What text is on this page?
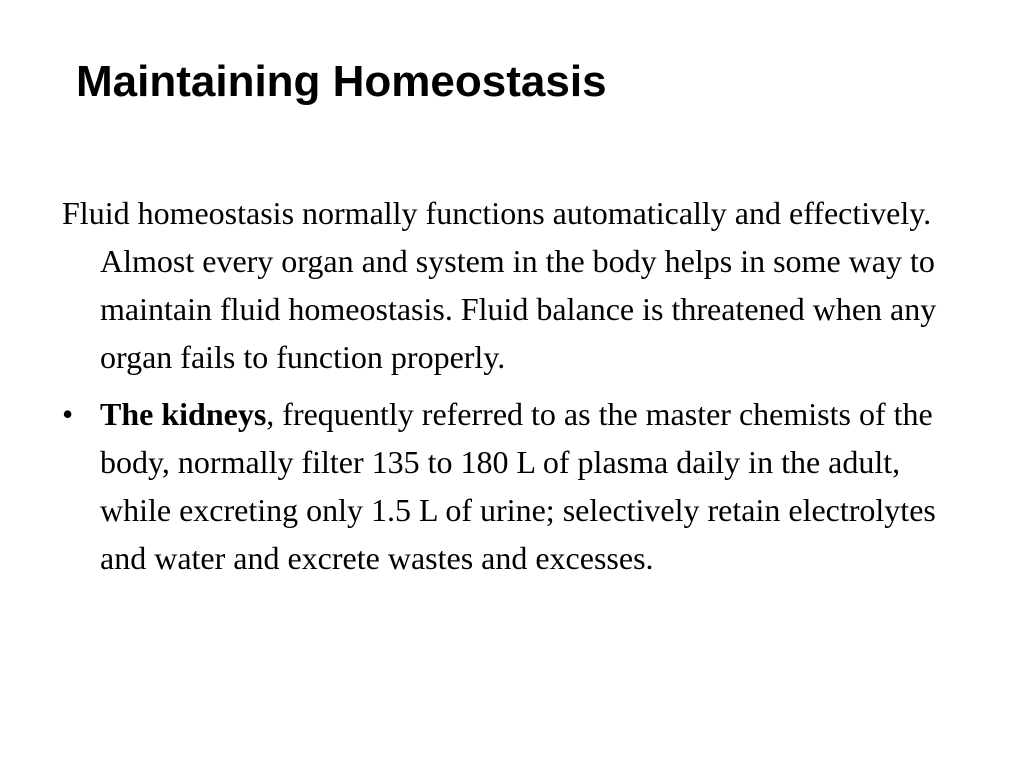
Maintaining Homeostasis

Fluid homeostasis normally functions automatically and effectively. Almost every organ and system in the body helps in some way to maintain fluid homeostasis. Fluid balance is threatened when any organ fails to function properly.

• The kidneys, frequently referred to as the master chemists of the body, normally filter 135 to 180 L of plasma daily in the adult, while excreting only 1.5 L of urine; selectively retain electrolytes and water and excrete wastes and excesses.
